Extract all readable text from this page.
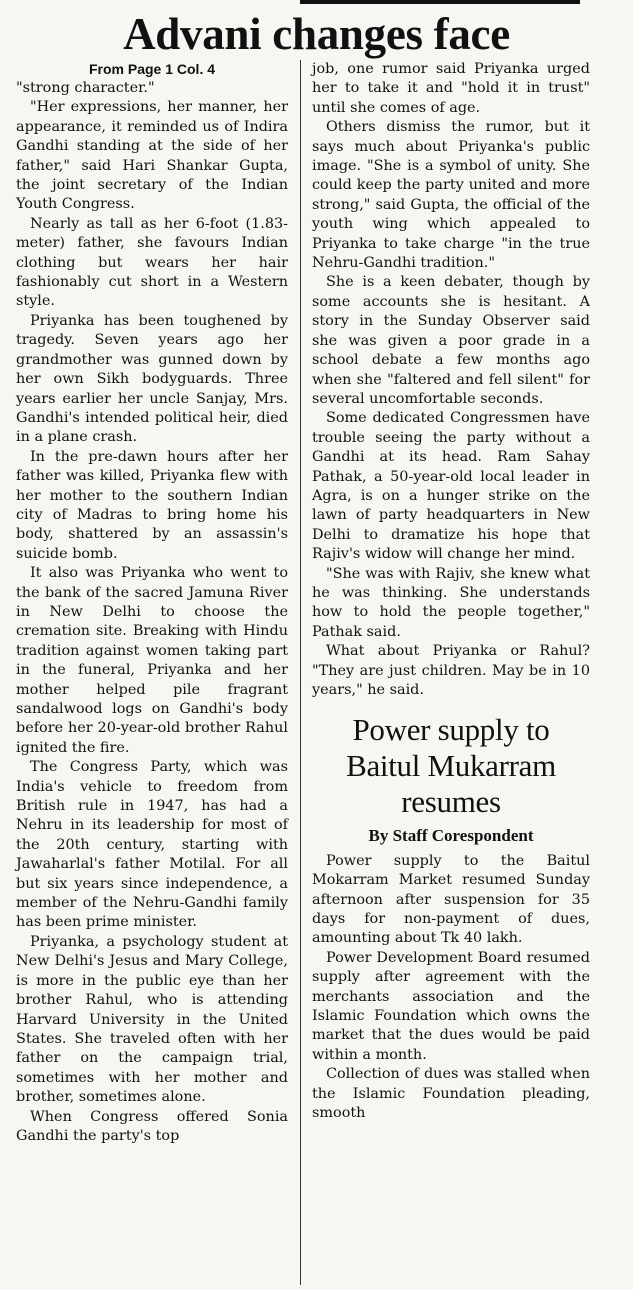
Advani changes face
From Page 1 Col. 4

"strong character."

"Her expressions, her manner, her appearance, it reminded us of Indira Gandhi standing at the side of her father," said Hari Shankar Gupta, the joint secretary of the Indian Youth Congress.

Nearly as tall as her 6-foot (1.83-meter) father, she favours Indian clothing but wears her hair fashionably cut short in a Western style.

Priyanka has been toughened by tragedy. Seven years ago her grandmother was gunned down by her own Sikh bodyguards. Three years earlier her uncle Sanjay, Mrs. Gandhi's intended political heir, died in a plane crash.

In the pre-dawn hours after her father was killed, Priyanka flew with her mother to the southern Indian city of Madras to bring home his body, shattered by an assassin's suicide bomb.

It also was Priyanka who went to the bank of the sacred Jamuna River in New Delhi to choose the cremation site. Breaking with Hindu tradition against women taking part in the funeral, Priyanka and her mother helped pile fragrant sandalwood logs on Gandhi's body before her 20-year-old brother Rahul ignited the fire.

The Congress Party, which was India's vehicle to freedom from British rule in 1947, has had a Nehru in its leadership for most of the 20th century, starting with Jawaharlal's father Motilal. For all but six years since independence, a member of the Nehru-Gandhi family has been prime minister.

Priyanka, a psychology student at New Delhi's Jesus and Mary College, is more in the public eye than her brother Rahul, who is attending Harvard University in the United States. She traveled often with her father on the campaign trial, sometimes with her mother and brother, sometimes alone.

When Congress offered Sonia Gandhi the party's top

job, one rumor said Priyanka urged her to take it and "hold it in trust" until she comes of age.

Others dismiss the rumor, but it says much about Priyanka's public image. "She is a symbol of unity. She could keep the party united and more strong," said Gupta, the official of the youth wing which appealed to Priyanka to take charge "in the true Nehru-Gandhi tradition."

She is a keen debater, though by some accounts she is hesitant. A story in the Sunday Observer said she was given a poor grade in a school debate a few months ago when she "faltered and fell silent" for several uncomfortable seconds.

Some dedicated Congressmen have trouble seeing the party without a Gandhi at its head. Ram Sahay Pathak, a 50-year-old local leader in Agra, is on a hunger strike on the lawn of party headquarters in New Delhi to dramatize his hope that Rajiv's widow will change her mind.

"She was with Rajiv, she knew what he was thinking. She understands how to hold the people together," Pathak said.

What about Priyanka or Rahul? "They are just children. May be in 10 years," he said.

Power supply to Baitul Mukarram resumes
By Staff Corespondent

Power supply to the Baitul Mokarram Market resumed Sunday afternoon after suspension for 35 days for non-payment of dues, amounting about Tk 40 lakh.

Power Development Board resumed supply after agreement with the merchants association and the Islamic Foundation which owns the market that the dues would be paid within a month.

Collection of dues was stalled when the Islamic Foundation pleading, smooth
